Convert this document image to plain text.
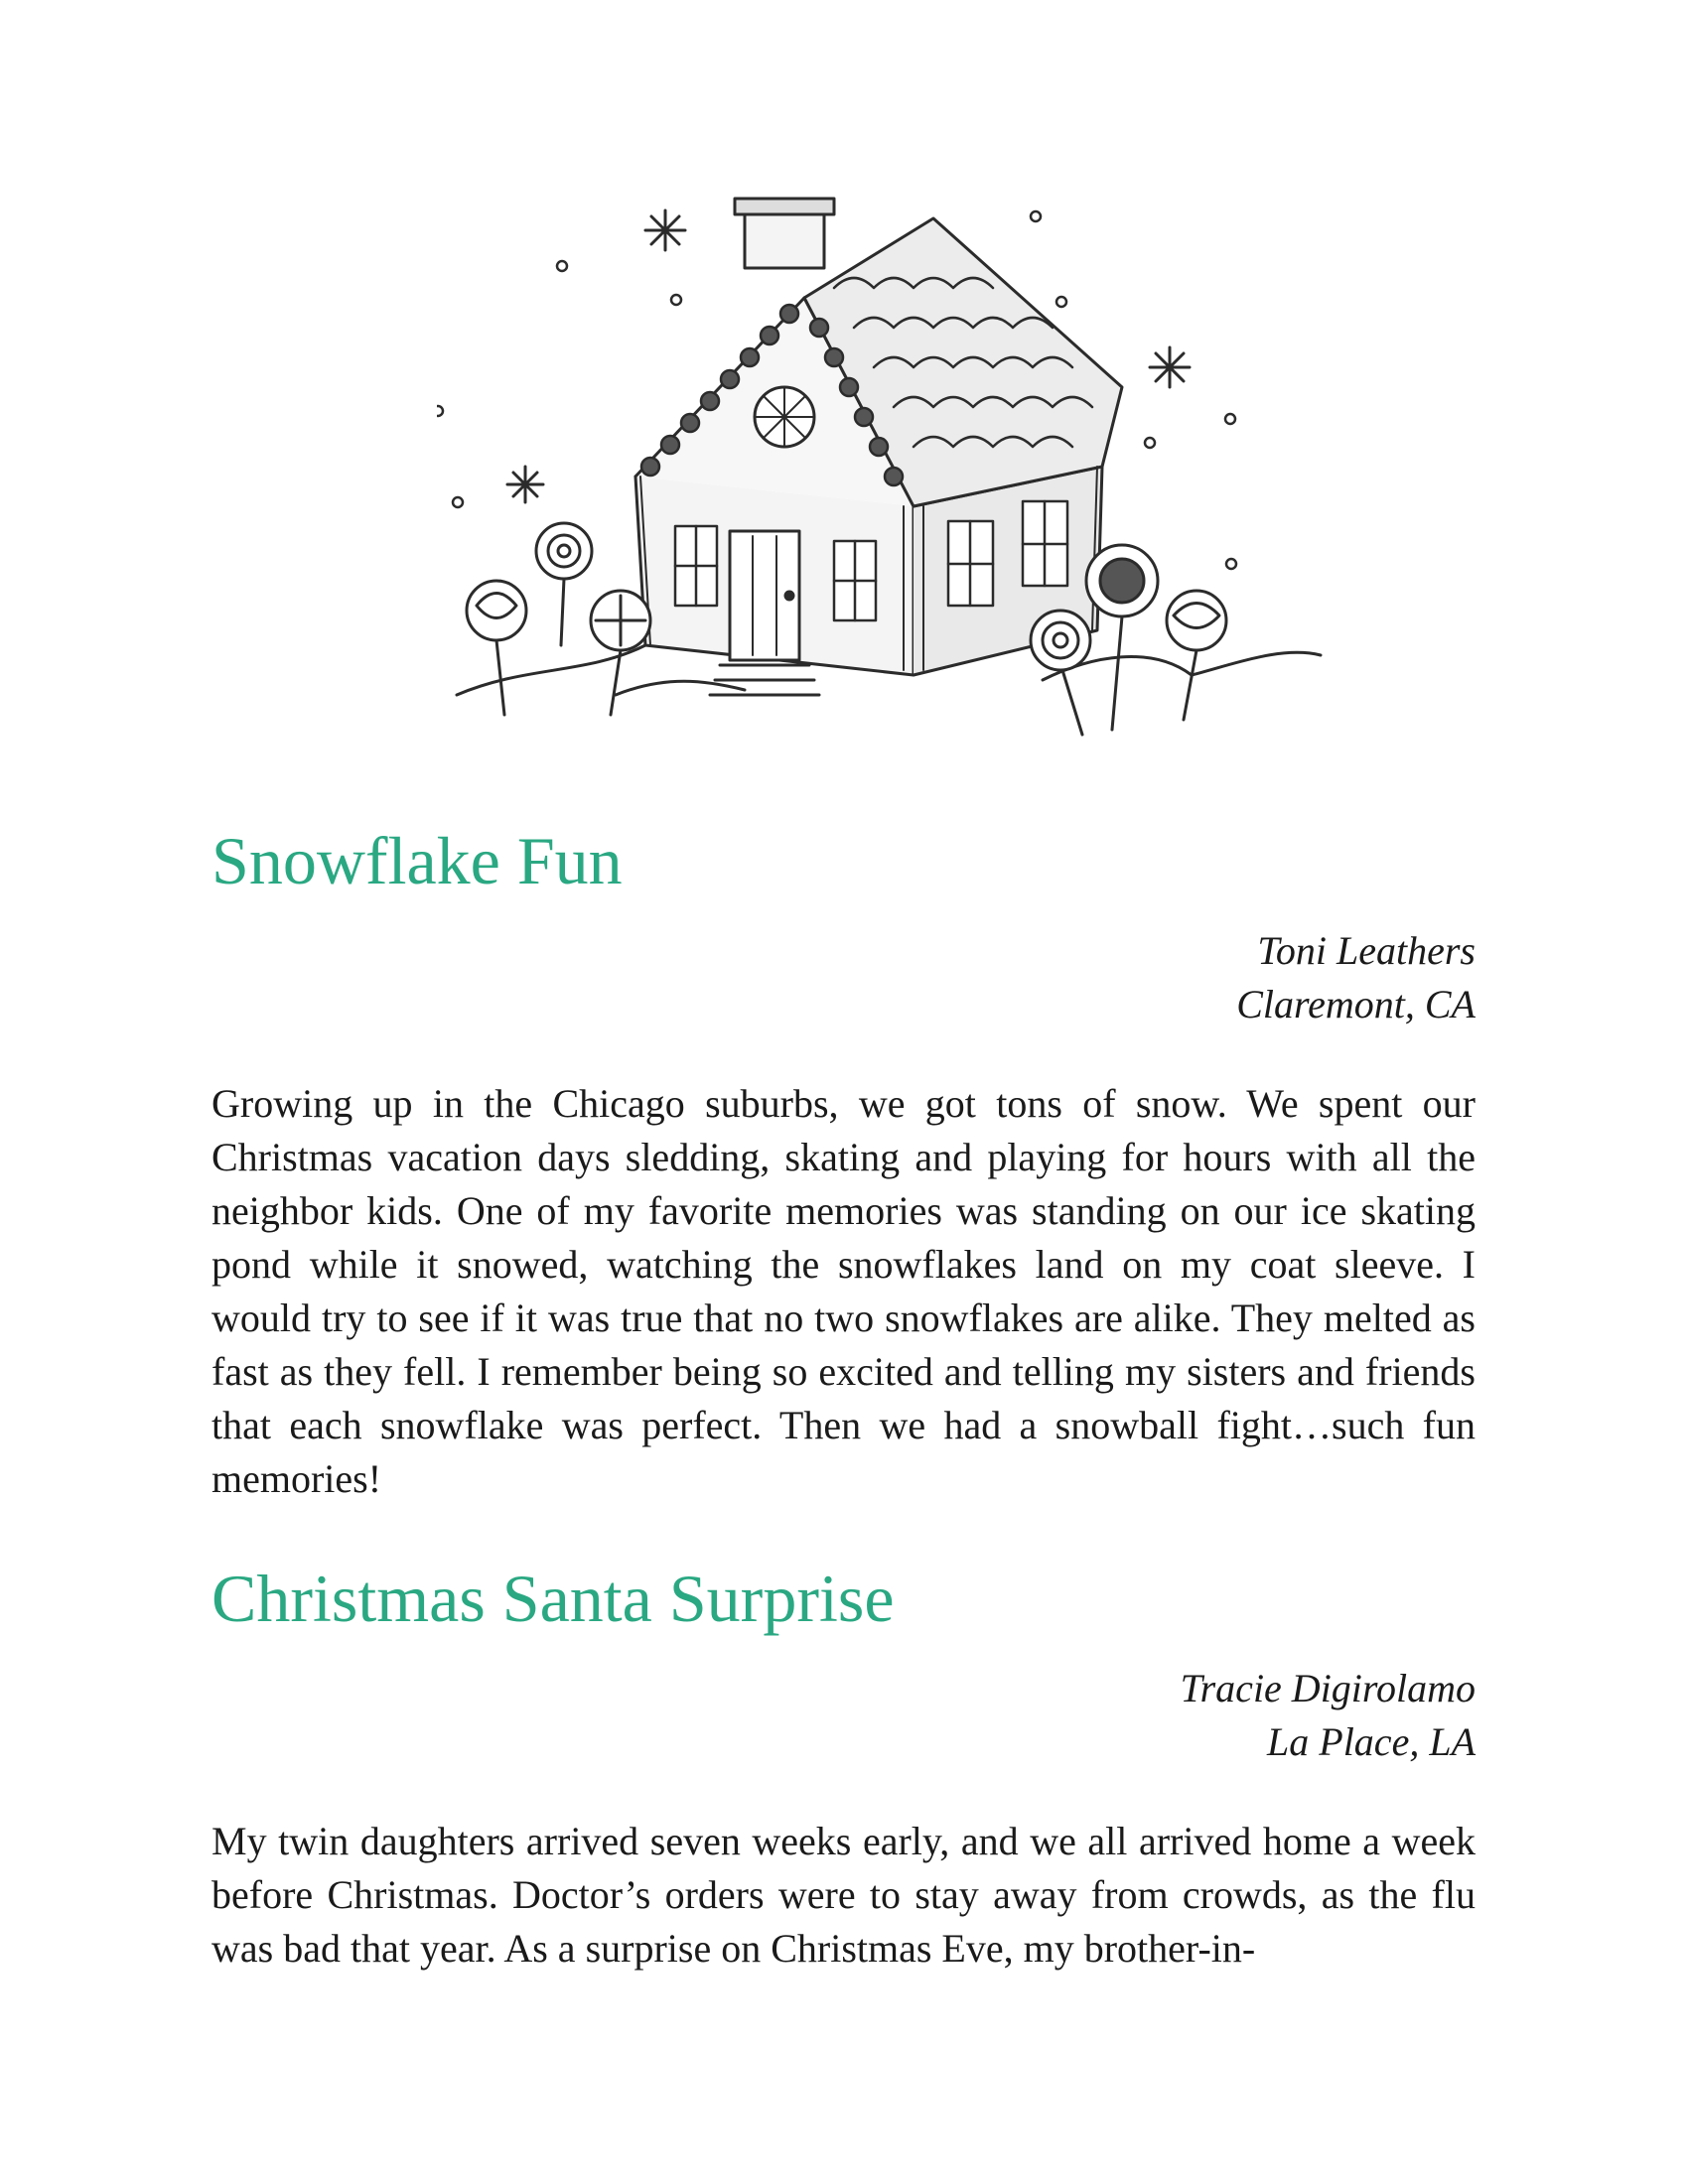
Snowflake Fun
Toni Leathers
Claremont, CA

Growing up in the Chicago suburbs, we got tons of snow. We spent our Christmas vacation days sledding, skating and playing for hours with all the neighbor kids. One of my favorite memories was standing on our ice skating pond while it snowed, watching the snowflakes land on my coat sleeve. I would try to see if it was true that no two snowflakes are alike. They melted as fast as they fell. I remember being so excited and telling my sisters and friends that each snowflake was perfect. Then we had a snowball fight…such fun memories!

Christmas Santa Surprise
Tracie Digirolamo
La Place, LA

My twin daughters arrived seven weeks early, and we all arrived home a week before Christmas. Doctor’s orders were to stay away from crowds, as the flu was bad that year. As a surprise on Christmas Eve, my brother-in-
